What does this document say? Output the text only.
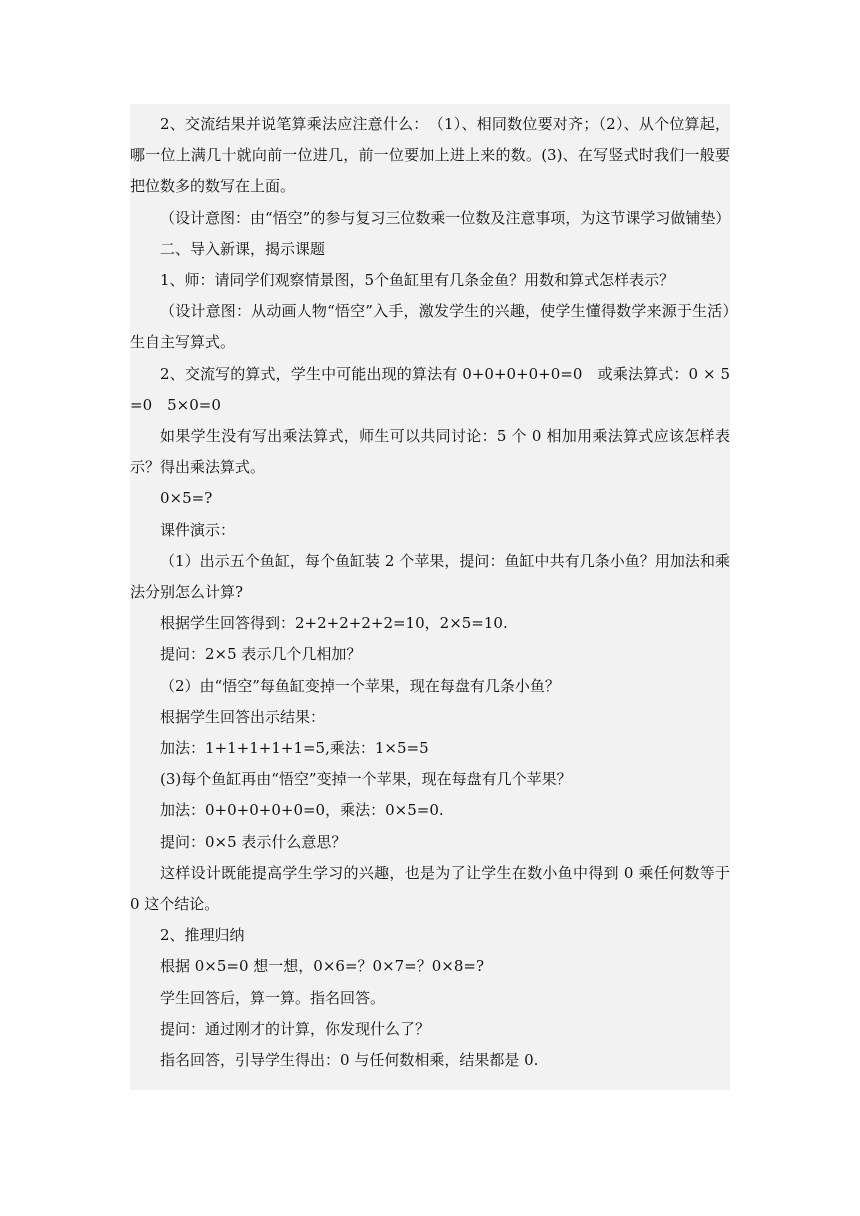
2、交流结果并说笔算乘法应注意什么：　（1）、相同数位要对齐；（2）、从个位算起，哪一位上满几十就向前一位进几，前一位要加上进上来的数。(3)、在写竖式时我们一般要把位数多的数写在上面。

（设计意图：由“悟空”的参与复习三位数乘一位数及注意事项，为这节课学习做铺垫）

二、导入新课，揭示课题

1、师：请同学们观察情景图，5个鱼缸里有几条金鱼？用数和算式怎样表示？

（设计意图：从动画人物“悟空”入手，激发学生的兴趣，使学生懂得数学来源于生活）　生自主写算式。

2、交流写的算式，学生中可能出现的算法有 0+0+0+0+0=0　或乘法算式：0 × 5=0　5×0=0

如果学生没有写出乘法算式，师生可以共同讨论：5 个 0 相加用乘法算式应该怎样表示？得出乘法算式。

0×5=?

课件演示：

（1）出示五个鱼缸，每个鱼缸装 2 个苹果，提问：鱼缸中共有几条小鱼？用加法和乘法分别怎么计算?

根据学生回答得到：2+2+2+2+2=10，2×5=10.

提问：2×5 表示几个几相加？

（2）由“悟空”每鱼缸变掉一个苹果，现在每盘有几条小鱼？

根据学生回答出示结果：

加法：1+1+1+1+1=5,乘法：1×5=5

(3)每个鱼缸再由“悟空”变掉一个苹果，现在每盘有几个苹果？

加法：0+0+0+0+0=0，乘法：0×5=0.

提问：0×5 表示什么意思？

这样设计既能提高学生学习的兴趣，也是为了让学生在数小鱼中得到 0 乘任何数等于 0 这个结论。

2、推理归纳

根据 0×5=0 想一想，0×6=？0×7=？0×8=?

学生回答后，算一算。指名回答。

提问：通过刚才的计算，你发现什么了？

指名回答，引导学生得出：0 与任何数相乘，结果都是 0.
